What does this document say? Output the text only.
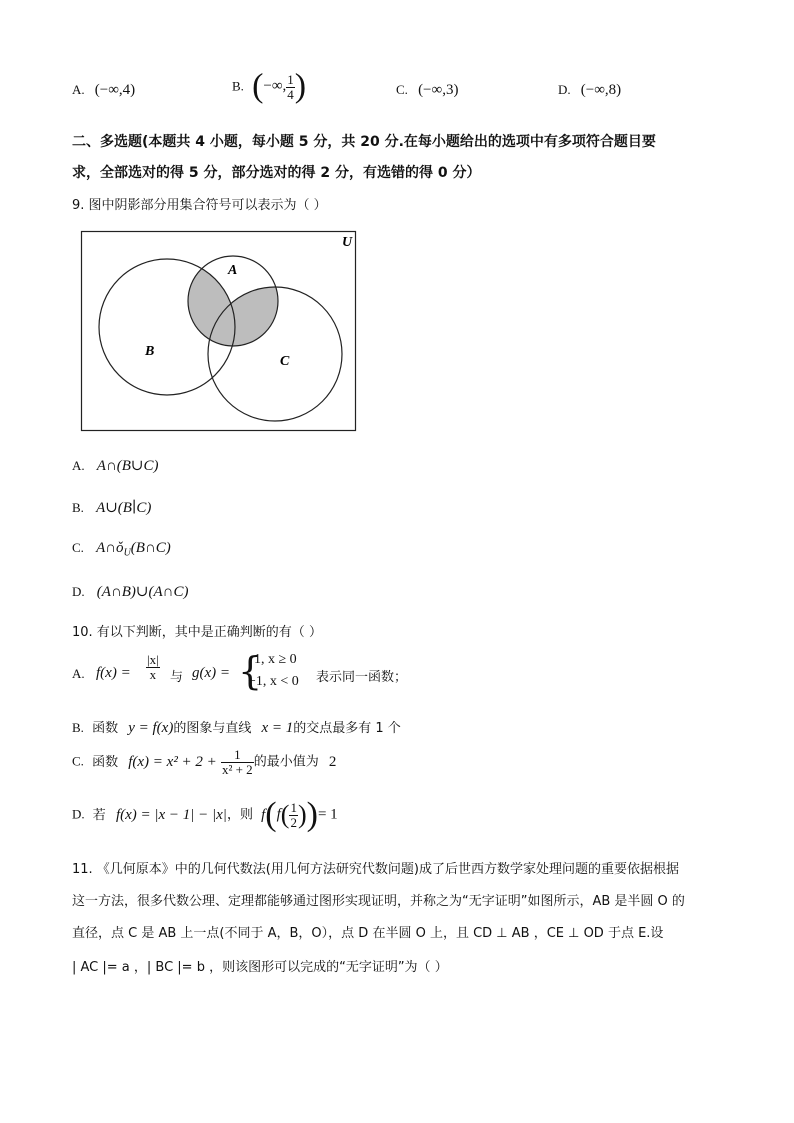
A. (−∞,4)	B. (−∞, $\frac{1}{4}$ )	C. (−∞,3)	D. (−∞,8)
二、多选题(本题共 4 小题，每小题 5 分，共 20 分.在每小题给出的选项中有多项符合题目要
求，全部选对的得 5 分，部分选对的得 2 分，有选错的得 0 分）
9. 图中阴影部分用集合符号可以表示为（ ）
U
A
B
C
A. A∩(B∪C)
B. A∪(B∣C)
C. $A\cap ǒ_U(B\cap C)$
D. (A∩B)∪(A∩C)
10. 有以下判断，其中是正确判断的有（ ）
A. $f(x) = \frac{|x|}{x}$ 与 g(x) = {
1, x ≥ 0
−1, x < 0 表示同一函数；
B. 函数 y = f(x)的图象与直线 x = 1的交点最多有 1 个
C. 函数 $f(x) = x^2 + 2 + \frac{1}{\text{x² + 2}}$ 的最小值为 2
D. 若 f(x) = |x − 1| − |x|，则 $f(f( \frac{1}{2}$ ))= 1
11. 《几何原本》中的几何代数法(用几何方法研究代数问题)成了后世西方数学家处理问题的重要依据根据
这一方法，很多代数公理、定理都能够通过图形实现证明，并称之为“无字证明”如图所示，AB 是半圆 O 的
直径，点 C 是 AB 上一点(不同于 A，B，O），点 D 在半圆 O 上，且 CD ⊥ AB ，CE ⊥ OD 于点 E.设
| AC |= a ，| BC |= b ，则该图形可以完成的“无字证明”为（ ）
